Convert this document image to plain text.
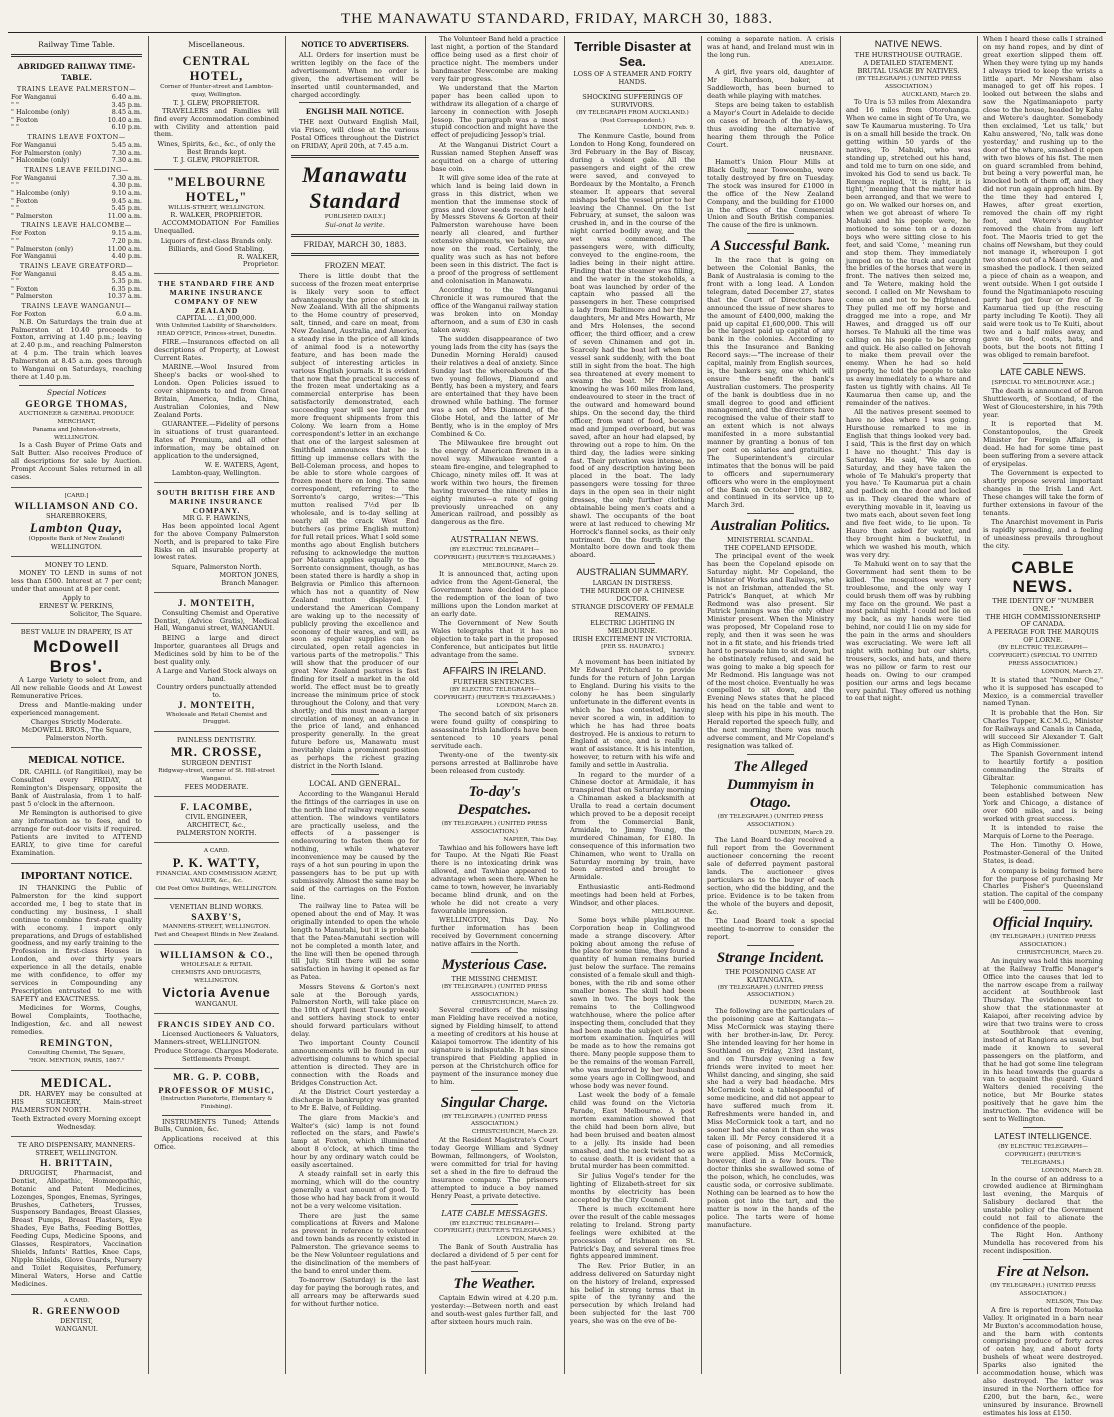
THE MANAWATU STANDARD, FRIDAY, MARCH 30, 1883.
Railway Time Table.
ABRIDGED RAILWAY TIME-TABLE.
TRAINS LEAVE PALMERSTON—
For Wanganui	6.40 a.m.
" "	3.45 p.m.
" Halcombe (only)	8.45 a.m.
" Foxton	10.40 a.m.
" "	6.10 p.m.
TRAINS LEAVE FOXTON—
For Wanganui	5.45 a.m.
For Palmerston (only)	7.30 a.m.
" Halcombe (only)	7.30 a.m.
TRAINS LEAVE FEILDING—
For Wanganui	7.30 a.m.
" "	4.30 p.m.
" Halcombe (only)	9.10 a.m.
" Foxton	9.45 a.m.
" "	5.45 p.m.
" Palmerston	11.00 a.m.
TRAINS LEAVE HALCOMBE—
For Foxton	9.15 a.m.
" "	7.20 p.m.
" Palmerston (only)	11.00 a.m.
For Wanganui	4.40 p.m.
TRAINS LEAVE GREATFORD—
For Wanganui	8.45 a.m.
" "	5.35 p.m.
" Foxton	6.35 p.m.
" Palmerston	10.37 a.m.
TRAINS LEAVE WANGANUI—
For Foxton	6.0 a.m.

N.B. On Saturdays the train due at Palmerston at 10.40 proceeds to Foxton, arriving at 1.40 p.m.; leaving at 2.40 p.m., and reaching Palmerston at 4 p.m. The train which leaves Palmerston at 8.45 a.m. goes through to Wanganui on Saturdays, reaching there at 1.40 p.m.

Special Notices
GEORGE THOMAS,
AUCTIONEER & GENERAL PRODUCE MERCHANT,
Panama and Johnston-streets, WELLINGTON.

Is a Cash Buyer of Prime Oats and Salt Butter. Also receives Produce of all descriptions for sale by Auction. Prompt Account Sales returned in all cases.

[CARD.]
WILLIAMSON AND CO.
SHAREBROKERS,
Lambton Quay,
(Opposite Bank of New Zealand)
WELLINGTON.
MONEY TO LEND.

MONEY TO LEND in sums of not less than £500. Interest at 7 per cent; under that amount at 8 per cent.

Apply to
ERNEST W. PERKINS,
Solicitor, The Square.
BEST VALUE IN DRAPERY, IS AT
McDowell Bros'.

A Large Variety to select from, and All new reliable Goods and At Lowest Remunerative Prices.

Dress and Mantle-making under experienced management.

Charges Strictly Moderate.
McDOWELL BROS., The Square, Palmerston North.
MEDICAL NOTICE.

DR. CAHILL (of Rangitikei), may be Consulted every FRIDAY, at Remington's Dispensary, opposite the Bank of Australasia, from 1 to half-past 5 o'clock in the afternoon.

Mr Remington is authorised to give any information as to fees, and to arrange for out-door visits if required. Patients are invited to ATTEND EARLY, to give time for careful Examination.

IMPORTANT NOTICE.

IN THANKING the Public of Palmerston for the kind support accorded me, I beg to state that in conducting my business, I shall continue to combine first-rate quality with economy. I import only preparations, and Drugs of established goodness, and my early training to the Profession in first-class Houses in London, and over thirty years experience in all the details, enable me with confidence, to offer my services in Compounding any Prescription entrusted to me with SAFETY and EXACTNESS.

Medicines for Worms, Coughs, Bowel Complaints, Toothache, Indigestion, &c. and all newest remedies.

REMINGTON,
Consulting Chemist, The Square,
"HON. MENTION, PARIS, 1867."
MEDICAL.

DR. HARVEY may be consulted at HIS SURGERY, Main-street PALMERSTON NORTH.

Teeth Extracted every Morning except Wednesday.
TE ARO DISPENSARY, MANNERS-STREET, WELLINGTON.
H. BRITTAIN,

DRUGGIST, Pharmacist, and Dentist, Allopathic, Homœopathic, Botanic and Patent Medicines, Lozenges, Sponges, Enemas, Syringes, Brushes, Catheters, Trusses, Suspensory Bandages, Breast Glasses, Breast Pumps, Breast Plasters, Eye Shades, Eye Baths, Feeding Bottles, Feeding Cups, Medicine Spoons, and Glasses, Respirators, Vaccination Shields, Infants' Rattles, Knee Caps, Nipple Shields, Glove Guards, Nursery and Toilet Requisites, Perfumery, Mineral Waters, Horse and Cattle Medicines.

A CARD.
R. GREENWOOD
DENTIST,
WANGANUI.
Miscellaneous.
CENTRAL HOTEL,
Corner of Hunter-street and Lambton-quay, Wellington.
T. J. GLEW, PROPRIETOR.

TRAVELLERS and Families will find every Accommodation combined with Civility and attention paid them.

Wines, Spirits, &c., &c., of only the Best Brands kept.
T. J. GLEW, PROPRIETOR.
"MELBOURNE HOTEL,"
WILLIS-STREET, WELLINGTON.
R. WALKER, PROPRIETOR.

ACCOMMODATION For Families Unequalled.

Liquors of first-class Brands only.
Billiards, and Good Stabling.
R. WALKER,
Proprietor.
THE STANDARD FIRE AND MARINE INSURANCE COMPANY OF NEW ZEALAND
CAPITAL ... £1,000,000.
With Unlimited Liability of Shareholders.
HEAD OFFICE, Princes-street, Dunedin.

FIRE.—Insurances effected on all descriptions of Property, at Lowest Current Rates.

MARINE.—Wool Insured from Sheep's backs or wool-shed to London. Open Policies issued to cover shipments to and from Great Britain, America, India, China, Australian Colonies, and New Zealand Ports.

GUARANTEE.—Fidelity of persons in situations of trust guaranteed. Rates of Premium, and all other information, may be obtained on application to the undersigned,

W. E. WATERS, Agent,
Lambton-quay, Wellington.
SOUTH BRITISH FIRE AND MARINE INSURANCE COMPANY.
MR G. F. HAWKINS,

Has been appointed local Agent for the above Company Palmerston North, and is prepared to take Fire Risks on all insurable property at lowest rates.

Square, Palmerston North.
MORTON JONES,
Branch Manager.
J. MONTEITH,

Consulting Chemist and Operative Dentist, (Advice Gratis), Medical Hall, Wanganui street, WANGANUI.

BEING a large and direct Importer, guarantees all Drugs and Medicines sold by him to be of the best quality only.

A Large and Varied Stock always on hand.
Country orders punctually attended to.
J. MONTEITH,
Wholesale and Retail Chemist and Druggist.
PAINLESS DENTISTRY.
MR. CROSSE,
SURGEON DENTIST
Ridgway-street, corner of St. Hill-street Wanganui.
FEES MODERATE.
F. LACOMBE,
CIVIL ENGINEER,
ARCHITECT, &c.,
PALMERSTON NORTH.
A CARD.
P. K. WATTY,
FINANCIAL AND COMMISSION AGENT, VALUER, &c., &c.
Old Post Office Buildings, WELLINGTON.
VENETIAN BLIND WORKS.
SAXBY'S,
MANNERS-STREET, WELLINGTON.
Fast and Cheapest Blinds in New Zealand.
WILLIAMSON & CO.,
WHOLESALE & RETAIL
CHEMISTS AND DRUGGISTS,
WELLINGTON.
Victoria Avenue
WANGANUI.
FRANCIS SIDEY AND CO.

Licensed Auctioneers & Valuators, Manners-street, WELLINGTON.

Produce Storage. Charges Moderate.
Settlements Prompt.
MR. G. P. COBB,
PROFESSOR OF MUSIC,
(Instruction Pianoforte, Elementary & Finishing).

INSTRUMENTS Tuned; Attends Bulls, Cunnion, &c.

Applications received at this Office.

NOTICE TO ADVERTISERS.

ALL Orders for insertion must be written legibly on the face of the advertisement. When no order is given, the advertisement will be inserted until countermanded, and charged accordingly.

ENGLISH MAIL NOTICE.

THE next Outward English Mail, via Frisco, will close at the various Postal Offices throughout the District on FRIDAY, April 20th, at 7.45 a.m.

Manawatu Standard
PUBLISHED DAILY.]
Sui-onat la verite.
FRIDAY, MARCH 30, 1883.
FROZEN MEAT.

There is little doubt that the success of the frozen meat enterprise is likely very soon to effect advantageously the price of stock in New Zealand. With all the shipments to the Home country of preserved, salt, tinned, and care on meat, from New Zealand, Australia, and America, a steady rise in the price of all kinds of animal food is a noteworthy feature, and has been made the subject of interesting articles in various English journals. It is evident that now that the practical success of the frozen meat undertaking as a commercial enterprise has been satisfactorily demonstrated, each succeeding year will see larger and more frequent shipments from this Colony. We learn from a Home correspondent's letter in an exchange that one of the largest salesmen at Smithfield announces that he is fitting up immense cellars with the Bell-Coleman process, and hopes to be able to store whole cargoes of frozen meat there on long. The same correspondent, referring to the Sorrento's cargo, writes:—"This mutton realised 7½d per lb wholesale, and is to-day selling at nearly all the crack West End butchers (as prime English mutton) for full retail prices. What I sold some months ago about English butchers refusing to acknowledge the mutton per Mataura applies equally to the Sorrento consignment, though, as has been stated there is hardly a shop in Belgravia or Pimlico this afternoon which has not a quantity of New Zealand mutton displayed. I understand the American Company are waking up to the necessity of publicly proving the excellence and economy of their wares, and will, as soon as regular supplies can be circulated, open retail agencies in various parts of the metropolis." This will show that the producer of our great New Zealand pastures is fast finding for itself a market in the old world. The effect must be to greatly increase the minimum price of stock throughout the Colony, and that very shortly; and this must mean a larger circulation of money, an advance in the price of land, and enhanced prosperity generally. In the great future before us, Manawatu must inevitably claim a prominent position as perhaps the richest grazing district in the North Island.

LOCAL AND GENERAL.

According to the Wanganui Herald the fittings of the carriages in use on the north line of railway require some attention. The windows ventilators are practically useless, and the effects of a passenger is endeavouring to fasten them go for nothing, while whatever inconvenience may be caused by the rays of a hot sun pouring in upon the passengers has to be put up with submissively. Almost the same may be said of the carriages on the Foxton line.

The railway line to Patea will be opened about the end of May. It was originally intended to open the whole length to Manutahi, but it is probable that the Patea-Manutahi section will not be completed a month later, and the line will then be opened through till July. Still there will be some satisfaction in having it opened as far as Patea.

Messrs Stevens & Gorton's next sale at the Borough yards, Palmerston North, will take place on the 10th of April (next Tuesday week) and settlers having stock to enter should forward particulars without delay.

Two important County Council announcements will be found in our advertising columns to which special attention is directed. They are in connection with the Roads and Bridges Construction Act.

At the District Court yesterday a discharge in bankruptcy was granted to Mr E. Balve, of Feilding.

The glare from Mackie's and Walter's (sic) lamp is not found reflected on the stars, and Pawle's lamp at Foxton, which illuminated about 8 o'clock, at which time the hour by any ordinary watch could be easily ascertained.

A steady rainfall set in early this morning, which will do the country generally a vast amount of good. To those who had hay back from it would not be a very welcome visitation.

There are just the same complications at Rivers and Malone as prevent in reference to volunteer and town bands as recently existed in Palmerston. The grievance seems to be the New Volunteer regulations and the disinclination of the members of the band to enrol under them.

To-morrow (Saturday) is the last day for paying the borough rates, and all arrears may be afterwards sued for without further notice.

The Volunteer Band held a practice last night, a portion of the Standard office being used as a first choir of practice night. The members under bandmaster Newcombe are making very fair progress.

We understand that the Marton paper has been called upon to withdraw its allegation of a charge of larceny in connection with Joseph Jessop. The paragraph was a most stupid concoction and might have the effect of prejudicing Jessop's trial.

At the Wanganui District Court a Russian named Stephen Anseff was acquitted on a charge of uttering base coin.

It will give some idea of the rate at which land is being laid down in grass in this district, when we mention that the immense stock of grass and clover seeds recently held by Messrs Stevens & Gorton at their Palmerston warehouse have been nearly all cleared, and further extensive shipments, we believe, are now on the road. Certainly, the quality was such as has not before been seen in this district. The fact is a proof of the progress of settlement and colonisation in Manawatu.

According to the Wanganui Chronicle it was rumoured that the office of the Wanganui railway station was broken into on Monday afternoon, and a sum of £30 in cash taken away.

The sudden disappearance of two young lads from the city has (says the Dunedin Morning Herald) caused their relatives a deal of anxiety. Since Sunday last the whereabouts of the two young fellows, Diamond and Bently, has been a mystery, and fears are entertained that they have been drowned while bathing. The former was a son of Mrs Diamond, of the Globe Hotel, and the latter of Mr Bently, who is in the employ of Mrs Combined & Co.

The Milwaukee fire brought out the energy of American firemen in a novel way. Milwaukee wanted a steam fire-engine, and telegraphed to Chicago, ninety miles off. It was at work within two hours, the firemen having traversed the ninety miles in eighty minutes—a rate of going previously unreached on any American railroad, and possibly as dangerous as the fire.

AUSTRALIAN NEWS.
(BY ELECTRIC TELEGRAPH—COPYRIGHT.) (REUTER'S TELEGRAMS.)
MELBOURNE, March 29.

It is announced that, acting upon advice from the Agent-General, the Government have decided to place the redemption of the loan of two millions upon the London market at an early date.

The Government of New South Wales telegraphs that it has no objection to take part in the proposed Conference, but anticipates but little advantage from the same.

AFFAIRS IN IRELAND.
FURTHER SENTENCES.
(BY ELECTRIC TELEGRAPH—COPYRIGHT.) (REUTER'S TELEGRAMS.)
LONDON, March 28.

The second batch of six prisoners were found guilty of conspiring to assassinate Irish landlords have been sentenced to 10 years penal servitude each.

Twenty-one of the twenty-six persons arrested at Ballinrobe have been released from custody.

To-day's Despatches.
(BY TELEGRAPH.) (UNITED PRESS ASSOCIATION.)
NAPIER, This Day.

Tawhiao and his followers have left for Taupo. At the Ngati Rie Feast there is no intoxicating drink was allowed, and Tawhiao appeared to advantage when seen there. When he came to town, however, he invariably became blind drunk, and on the whole he did not create a very favourable impression.

WELLINGTON, This Day. No further information has been received by Government concerning native affairs in the North.

Mysterious Case.
THE MISSING CHEMIST.
(BY TELEGRAPH.) (UNITED PRESS ASSOCIATION.)
CHRISTCHURCH, March 29.

Several creditors of the missing man Fielding have received a notice, signed by Fielding himself, to attend a meeting of creditors at his house at Kaiapoi tomorrow. The identity of his signature is indisputable. It has since transpired that Fielding applied in person at the Christchurch office for payment of the insurance money due to him.

Singular Charge.
(BY TELEGRAPH.) (UNITED PRESS ASSOCIATION.)
CHRISTCHURCH, March 29.

At the Resident Magistrate's Court today George William and Sydney Bowman, fellmongers, of Woolston, were committed for trial for having set a shed in the fire to defraud the insurance company. The prisoners attempted to induce a boy named Henry Peast, a private detective.

LATE CABLE MESSAGES.
(BY ELECTRIC TELEGRAPH—COPYRIGHT.) (REUTER'S TELEGRAMS.)
LONDON, March 29.

The Bank of South Australia has declared a dividend of 5 per cent for the past half-year.

The Weather.

Captain Edwin wired at 4.20 p.m. yesterday:—Between north and east and south-west gales further fall, and after sixteen hours much rain.

Terrible Disaster at Sea.
LOSS OF A STEAMER AND FORTY HANDS.
SHOCKING SUFFERINGS OF SURVIVORS.
(BY TELEGRAPH FROM AUCKLAND.) (Post Correspondent.)
LONDON, Feb. 9.

The Kenmure Castle, bound from London to Hong Kong, foundered on 3rd February in the Bay of Biscay, during a violent gale. All the passengers and eight of the crew were saved, and conveyed to Bordeaux by the Montalto, a French steamer. It appears that several mishaps befel the vessel prior to her leaving the Channel. On the 1st February, at sunset, the saloon was crushed in, and in the course of the night carried bodily away, and the wet was commenced. The passengers were, with difficulty, conveyed to the engine-room, the ladies being in their night attire. Finding that the steamer was filling, and the water in the stokeholds, a boat was launched by order of the captain who passed all the passengers in her. These comprised a lady from Baltimore and her three daughters, Mr and Mrs Howarth, Mr and Mrs Holenses, the second officer, the third officer, and a crew of seven Chinamen and got in. Scarcely had the boat left when the vessel sank suddenly, with the boat still in sight from the boat. The high sea threatened at every moment to swamp the boat. Mr Holenses, knowing he was 160 miles from land, endeavoured to steer in the tract of the outward and homeward bound ships. On the second day, the third officer, from want of food, became mad and jumped overboard, but was saved, after an hour had elapsed, by throwing out a rope to him. On the third day, the ladies were sinking fast. Their privation was intense, no food of any description having been placed in the boat. The lady passengers were tossing for three days in the open sea in their night dresses, the only further clothing obtainable being men's coats and a shawl. The occupants of the boat were at last reduced to chewing Mr Horrock's flannel socks, as their only nutriment. On the fourth day the Montalto bore down and took them aboard.

AUSTRALIAN SUMMARY.
LARGAN IN DISTRESS.
THE MURDER OF A CHINESE DOCTOR.
STRANGE DISCOVERY OF FEMALE REMAINS.
ELECTRIC LIGHTING IN MELBOURNE.
IRISH EXCITEMENT IN VICTORIA.
[PER SS. HAURATO.]
SYDNEY.

A movement has been initiated by Mr Edward Pritchard to provide funds for the return of John Largan to England. During his visits to the colony he has been singularly unfortunate in the different events in which he has contested, having never scored a win, in addition to which he has had three boats destroyed. He is anxious to return to England at once, and is really in want of assistance. It is his intention, however, to return with his wife and family and settle in Australia.

In regard to the murder of a Chinese doctor at Armidale, it has transpired that on Saturday morning a Chinaman asked a blacksmith at Uralla to read a certain document which proved to be a deposit receipt from the Commercial Bank, Armidale, to Jimmy Young, the murdered Chinaman, for £180. In consequence of this information two Chinamen, who went to Uralla on Saturday morning by train, have been arrested and brought to Armidale.

Enthusiastic anti-Redmond meetings had been held at Forbes, Windsor, and other places.

MELBOURNE.

Some boys while playing at the Corporation heap in Collingwood made a strange discovery. After poking about among the refuse of the place for some time, they found a quantity of human remains buried just below the surface. The remains consisted of a female skull and thigh-bones, with the rib and some other smaller bones. The skull had been sawn in two. The boys took the remains to the Collingwood watchhouse, where the police after inspecting them, concluded that they had been made the subject of a post mortem examination. Inquiries will be made as to how the remains got there. Many people suppose them to be the remains of the woman Farrell, who was murdered by her husband some years ago in Collingwood, and whose body was never found.

Last week the body of a female child was found on the Victoria Parade, East Melbourne. A post mortem examination showed that the child had been born alive, but had been bruised and beaten almost to a jelly. Its inside had been smashed, and the neck twisted so as to cause death. It is evident that a brutal murder has been committed.

Sir Julius Vogel's tender for the lighting of Elizabeth-street for six months by electricity has been accepted by the City Council.

There is much excitement here over the result of the cable messages relating to Ireland. Strong party feelings were exhibited at the procession of Irishmen on St. Patrick's Day, and several times free fights appeared imminent.

The Rev. Prior Butler, in an address delivered on Saturday night on the history of Ireland, expressed his belief in strong terms that in spite of the tyranny and the persecution by which Ireland had been subjected for the last 700 years, she was on the eve of be-

coming a separate nation. A crisis was at hand, and Ireland must win in the long run.

ADELAIDE.

A girl, five years old, daughter of Mr Richardson, baker, at Saddleworth, has been burned to death while playing with matches.

Steps are being taken to establish a Mayor's Court in Adelaide to decide on cases of breach of the by-laws, thus avoiding the alternative of hearing them through the Police Court.

BRISBANE.

Hamett's Union Flour Mills at Black Gully, near Toowoomba, were totally destroyed by fire on Tuesday. The stock was insured for £1000 in the office of the New Zealand Company, and the building for £1000 in the offices of the Commercial Union and South British companies. The cause of the fire is unknown.

A Successful Bank.

In the race that is going on between the Colonial Banks, the Bank of Australasia is coming to the front with a long lead. A London telegram, dated December 27, states that the Court of Directors have announced the issue of new shares to the amount of £400,000, making the paid up capital £1,600,000. This will be the largest paid up capital of any bank in the colonies. According to this the Insurance and Banking Record says:—"The increase of their capital, mainly from English sources, is, the bankers say, one which will ensure the benefit the bank's Australian customers. The prosperity of the bank is doubtless due in no small degree to good and efficient management, and the directors have recognised the value of their staff to an extent which is not always manifested in a more substantial manner by granting a bonus of ten per cent on salaries and gratuities. The Superintendent's circular intimates that the bonus will be paid to officers and supernumerary officers who were in the employment of the Bank on October 10th, 1882, and continued in its service up to March 3rd.

Australian Politics.
MINISTERIAL SCANDAL.
THE COPELAND EPISODE.

The principal event of the week has been the Copeland episode on Saturday night. Mr Copeland, the Minister of Works and Railways, who is not an Irishman, attended the St. Patrick's Banquet, at which Mr Redmond was also present. Sir Patrick Jennings was the only other Minister present. When the Ministry was proposed, Mr Copeland rose to reply, and then it was seen he was not in a fit state, and his friends tried hard to persuade him to sit down, but he obstinately refused, and said he was going to make a big speech for Mr Redmond. His language was not of the most choice. Eventually he was compelled to sit down, and the Evening News states that he placed his head on the table and went to sleep with his pipe in his mouth. The Herald reported the speech fully, and the next morning there was much adverse comment, and Mr Copeland's resignation was talked of.

The Alleged Dummyism in Otago.
(BY TELEGRAPH.) (UNITED PRESS ASSOCIATION.)
DUNEDIN, March 29.

The Land Board to-day received a full report from the Government auctioneer concerning the recent sale of deferred payment pastoral lands. The auctioneer gives particulars as to the buyer of each section, who did the bidding, and the price. Evidence is to be taken from the whole of the buyers and deposit, &c.

The Load Board took a special meeting to-morrow to consider the report.

Strange Incident.
THE POISONING CASE AT KAITANGATA.
(BY TELEGRAPH.) (UNITED PRESS ASSOCIATION.)
DUNEDIN, March 29.

The following are the particulars of the poisoning case at Kaitangata:—Miss McCormick was staying there with her brother-in-law, Dr. Percy. She intended leaving for her home in Southland on Friday, 23rd instant, and on Thursday evening a few friends were invited to meet her. Whilst dancing, and singing, she said she had a very bad headache. Mrs McCormick took a tablespoonful of some medicine, and did not appear to have suffered much from it. Refreshments were handed in, and Miss McCormick took a tart, and no sooner had she eaten it than she was taken ill. Mr Percy considered it a case of poisoning, and all remedies were applied. Miss McCormick, however, died in a few hours. The doctor thinks she swallowed some of the poison, which, he concludes, was caustic soda, or corrosive sublimate. Nothing can be learned as to how the poison got into the tart, and the matter is now in the hands of the police. The tarts were of home manufacture.

NATIVE NEWS.
THE HURSTHOUSE OUTRAGE.
A DETAILED STATEMENT.
BRUTAL USAGE BY NATIVES.
(BY TELEGRAPH.) (UNITED PRESS ASSOCIATION.)
AUCKLAND, March 29.

To Ura is 53 miles from Alexandra and 16 miles from Otorohanga. When we came in sight of Te Ura, we saw Te Kaumarua mustering. To Ura is on a small hill beside the track. On getting within 50 yards of the natives, To Mahuki, who was standing up, stretched out his hand, and told me to turn on one side, and invoked his God to send us back. Te Rerenga replied, 'It is right, it is tight,' meaning that the matter had been arranged, and that we were to go on. We walked our horses on, and when we got abreast of where Te Mahuki and his people were, he motioned to some ten or a dozen boys who were sitting close to his feet, and said 'Come, ' meaning run and stop them. They immediately jumped on to the track and caught the bridles of the horses that were in front. The natives then seized me, and Te Wetere, making hold the second. I called on Mr Newsham to come on and not to be frightened. They pulled me off my horse and dragged me into a rope, and Mr Hawes, and dragged us off our horses. Te Mahuki all the time was calling on his people to be strong and quick. He also called on Jehovah to make them prevail over the enemy. When he had so held properly, he told the people to take us away immediately to a whare and fasten us tightly with chains. All Te Kaumarua then came up, and the remainder of the natives.

All the natives present seemed to have no idea where I was going. Hursthouse remarked to me in English that things looked very bad. I said, 'This is the first day on which I have no thought.' This day is Saturday. He said, 'We are on Saturday, and they have taken the whole of Te Mahuki's property that you have.' Te Kaumarua put a chain and padlock on the door and locked us in. They cleared the whare of everything movable in it, leaving us two mats each, about seven feet long and five feet wide, to lie upon. Te Hauro then asked for water, and they brought him a bucketful, in which we washed his mouth, which was very dry.

Te Mahuki went on to say that the Government had sent them to be killed. The mosquitoes were very troublesome, and the only way I could brush them off was by rubbing my face on the ground. We past a most painful night. I could not lie on my back, as my hands were tied behind, nor could I lie on my side for the pain in the arms and shoulders was excruciating. We were left all night with nothing but our shirts, trousers, socks, and hats, and there was no pillow or farm to rest our heads on. Owing to our cramped position our arms and legs became very painful. They offered us nothing to eat that night.

When I heard these calls I strained on my hand ropes, and by dint of great exertion slipped them off. When they were tying up my hands I always tried to keep the wrists a little apart. Mr Newsham also managed to get off his ropes. I looked out between the slabs and saw the Ngatimaniapoto party close to the house, headed by Kahu and Wetere's daughter. Somebody then exclaimed, 'Let us talk,' but Kahu answered, 'No, talk was done yesterday,' and rushing up to the door of the whare, smashed it open with two blows of his fist. The men on guard scrambled from behind, but being a very powerful man, he knocked both of them off, and they did not run again approach him. By the time they had entered I, Hawes, after great exertion, removed the chain off my right foot, and Wetere's daughter removed the chain from my left foot. The Maoris tried to get the chains off Newsham, but they could not manage it, whereupon I got two stones out of a Maori oven, and smashed the padlock. I then seized a piece of chain as a weapon, and went outside. When I got outside I found the Ngatimaniapoto rescuing party had got four or five of Te Kaumarua tied up (the rescuing party including Te Kooti). They all said were took us to Te Kuiti, about two and a half miles away, and gave us food, coats, hats, and boots, but the boots not fitting I was obliged to remain barefoot.

LATE CABLE NEWS.
[SPECIAL TO MELBOURNE AGE.]

The death is announced of Baron Shuttleworth, of Scotland, of the West of Gloucestershire, in his 79th year.

It is reported that M. Constantopoulos, the Greek Minister for Foreign Affairs, is dead. He had for some time past been suffering from a severe attack of erysipelas.

The Government is expected to shortly propose several important changes in the Irish Land Act. These changes will take the form of further extensions in favour of the tenants.

The Anarchist movement in Paris is rapidly spreading, and a feeling of uneasiness prevails throughout the city.

CABLE NEWS.
THE IDENTITY OF "NUMBER ONE."
THE HIGH COMMISSIONERSHIP OF CANADA.
A PEERAGE FOR THE MARQUIS OF LORNE.
(BY ELECTRIC TELEGRAPH—COPYRIGHT.) (SPECIAL TO UNITED PRESS ASSOCIATION.)
LONDON, March 27.

It is stated that "Number One," who it is supposed has escaped to Mexico, is a commercial traveller named Tynan.

It is probable that the Hon. Sir Charles Tupper, K.C.M.G., Minister for Railways and Canals in Canada, will succeed Sir Alexander T. Galt as High Commissioner.

The Spanish Government intend to heartily fortify a position commanding the Straits of Gibraltar.

Telephonic communication has been established between New York and Chicago, a distance of over 600 miles, and is being worked with great success.

It is intended to raise the Marquis of Lorne to the Peerage.

The Hon. Timothy O. Howe, Postmaster-General of the United States, is dead.

A company is being formed here for the purpose of purchasing Mr Charles Fisher's Queensland station. The capital of the company will be £400,000.

Official Inquiry.
(BY TELEGRAPH.) (UNITED PRESS ASSOCIATION.)
CHRISTCHURCH, March 29.

An inquiry was held this morning at the Railway Traffic Manager's Office into the causes that led to the narrow escape from a railway accident at Southbrook last Thursday. The evidence went to show that the stationmaster at Kaiapoi, after receiving advice by wire that two trains were to cross at Southbrook that evening, instead of at Rangiora as usual, but made it known to several passengers on the platform, and that he had got some line telegram in his head towards the guards a van to acquaint the guard. Guard Walters denied receiving the notice, but Mr Bourke states positively that he gave him the instruction. The evidence will be sent to Wellington.

LATEST INTELLIGENCE.
(BY ELECTRIC TELEGRAPH—COPYRIGHT.) (REUTER'S TELEGRAMS.)
LONDON, March 28.

In the course of an address to a crowded audience at Birmingham last evening, the Marquis of Salisbury declared that the unstable policy of the Government could not fail to alienate the confidence of the people.

The Right Hon. Anthony Mundella has recovered from his recent indisposition.

Fire at Nelson.
(BY TELEGRAPH.) (UNITED PRESS ASSOCIATION.)
NELSON, This Day.

A fire is reported from Motueka Valley. It originated in a barn near Mr Buxton's accommodation house, and the barn with contents comprising produce of forty acres of oaten hay, and about forty bushels of wheat were destroyed. Sparks also ignited the accommodation house, which was also destroyed. The latter was insured in the Northern office for £200, but the barn, &c., were uninsured by insurance. Brownell estimates his loss at £150.
